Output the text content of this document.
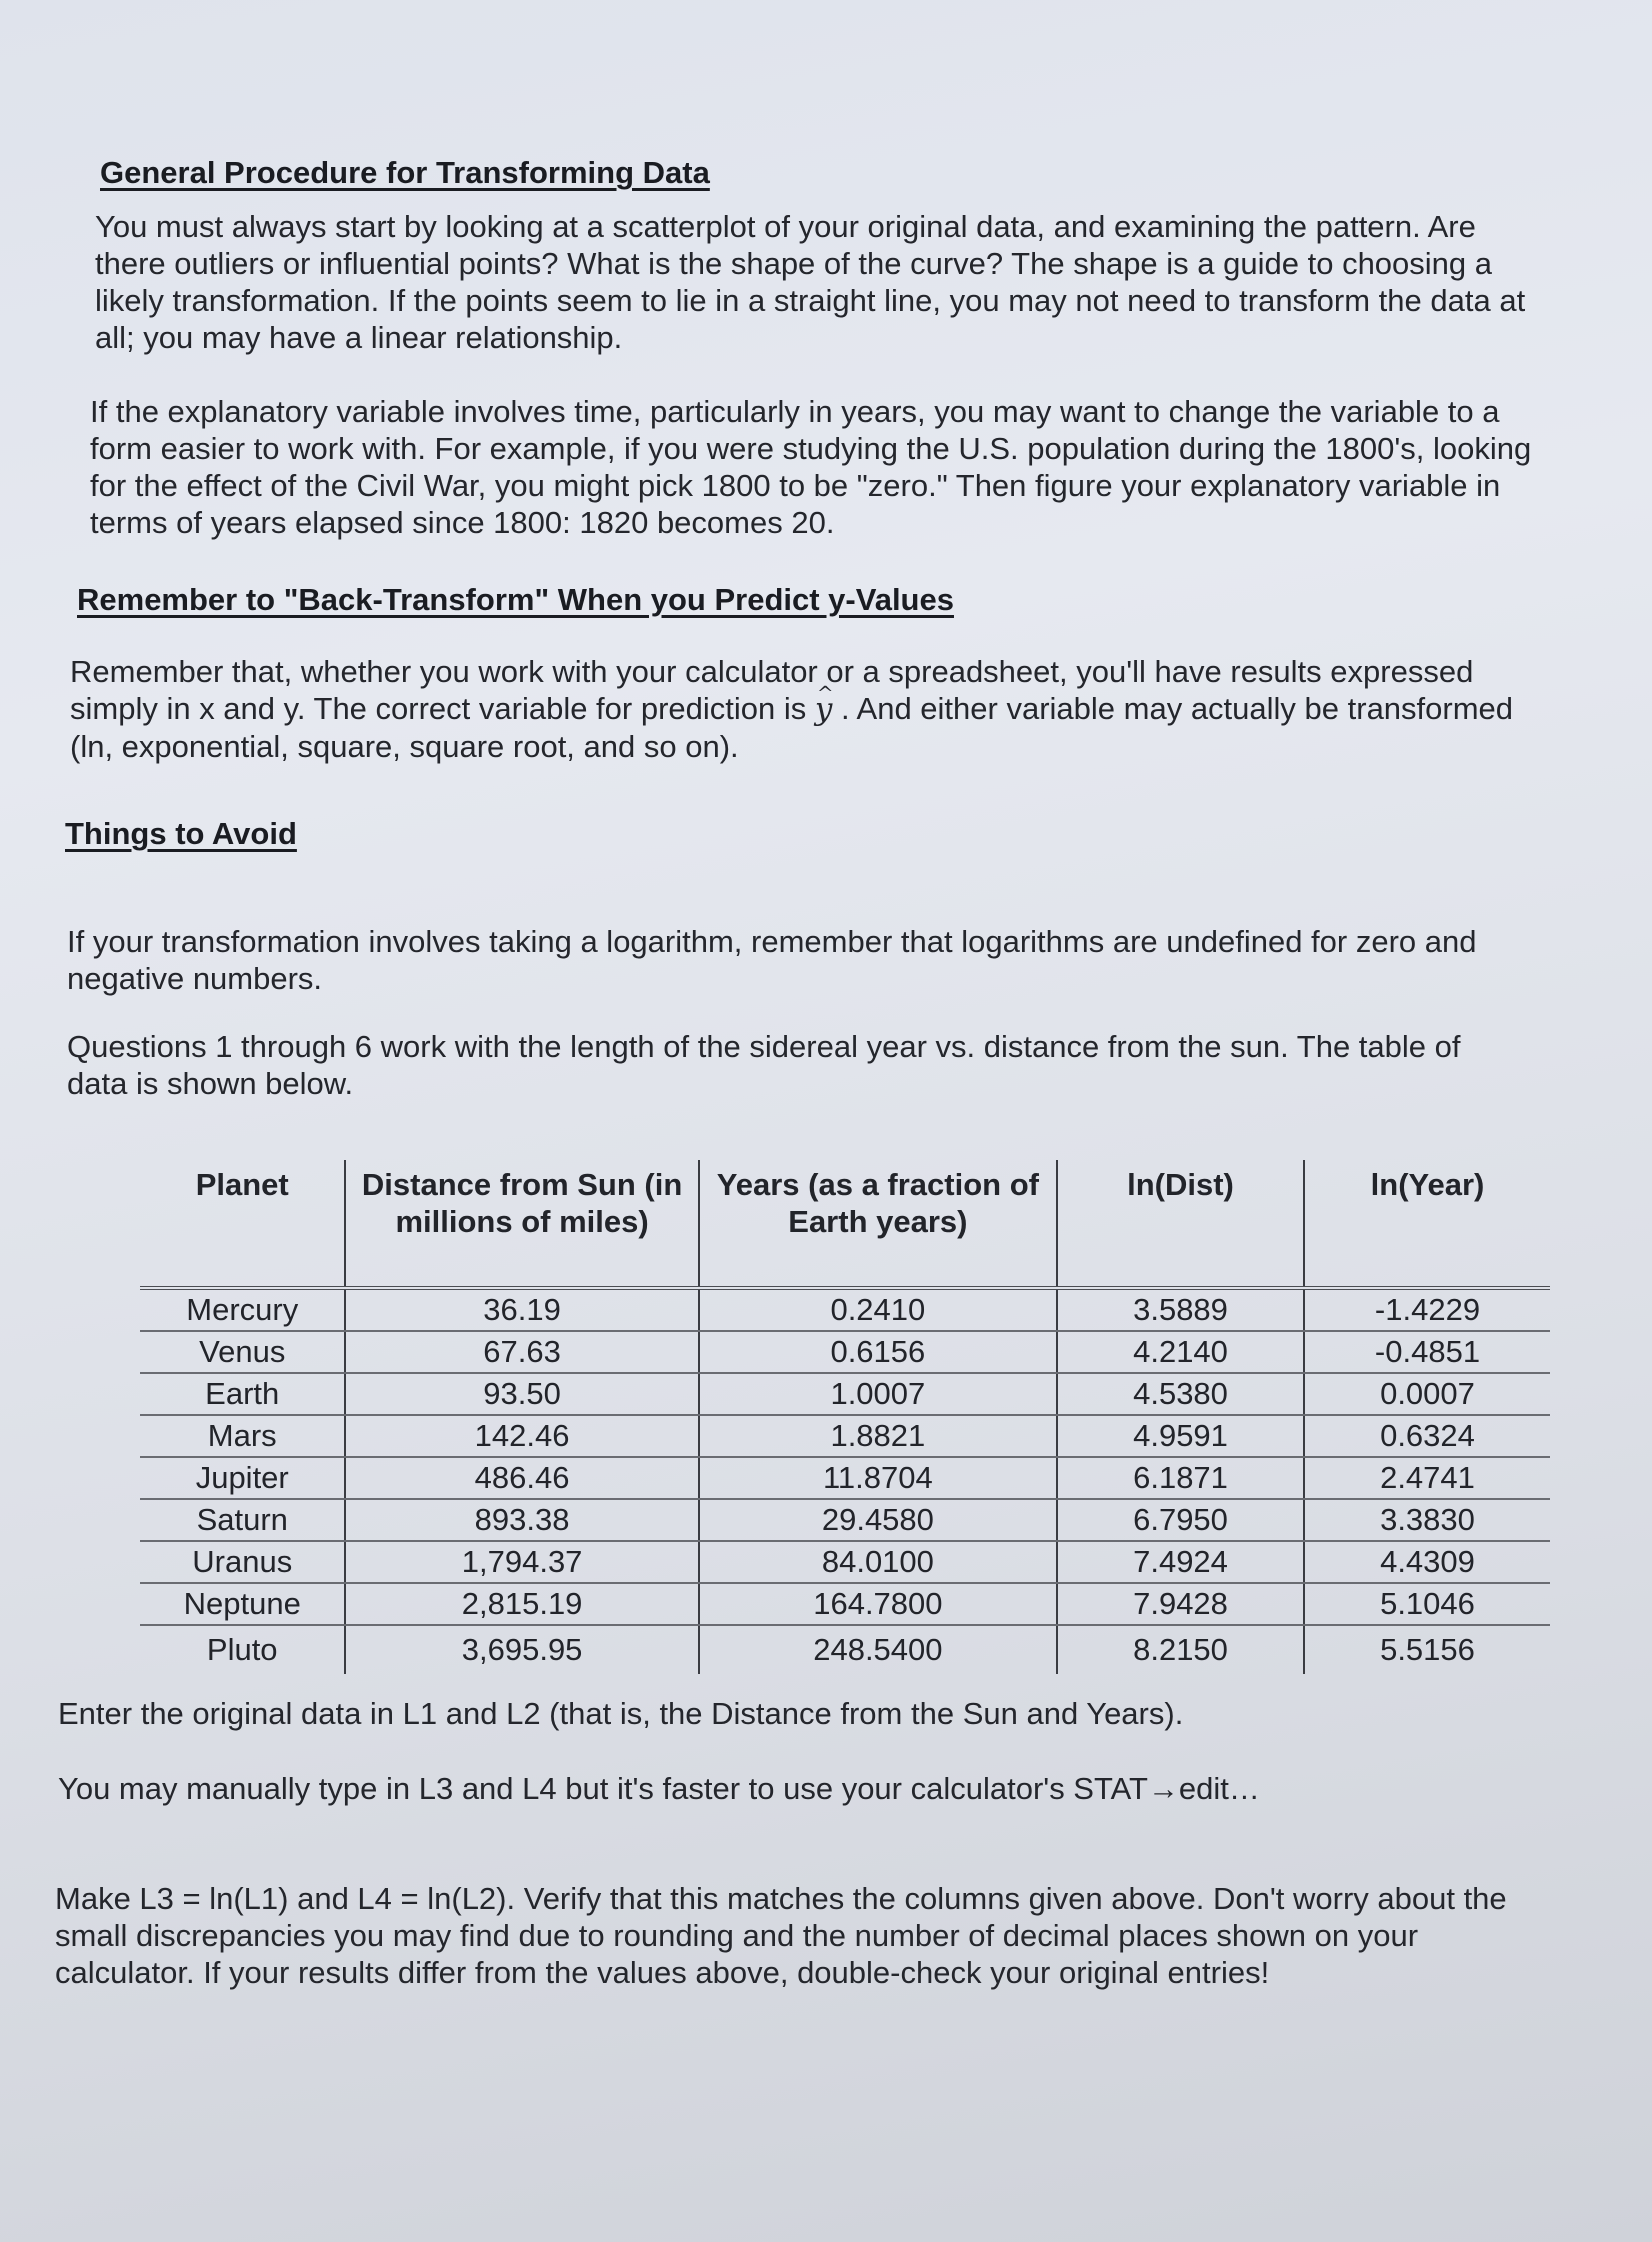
General Procedure for Transforming Data
You must always start by looking at a scatterplot of your original data, and examining the pattern. Are there outliers or influential points? What is the shape of the curve? The shape is a guide to choosing a likely transformation. If the points seem to lie in a straight line, you may not need to transform the data at all; you may have a linear relationship.
If the explanatory variable involves time, particularly in years, you may want to change the variable to a form easier to work with. For example, if you were studying the U.S. population during the 1800's, looking for the effect of the Civil War, you might pick 1800 to be "zero." Then figure your explanatory variable in terms of years elapsed since 1800: 1820 becomes 20.
Remember to "Back-Transform" When you Predict y-Values
Remember that, whether you work with your calculator or a spreadsheet, you'll have results expressed simply in x and y. The correct variable for prediction is ^ y . And either variable may actually be transformed (ln, exponential, square, square root, and so on).
Things to Avoid
If your transformation involves taking a logarithm, remember that logarithms are undefined for zero and negative numbers.
Questions 1 through 6 work with the length of the sidereal year vs. distance from the sun. The table of data is shown below.
Planet	Distance from Sun (in millions of miles)	Years (as a fraction of Earth years)	ln(Dist)	ln(Year)
Mercury	36.19	0.2410	3.5889	-1.4229
Venus	67.63	0.6156	4.2140	-0.4851
Earth	93.50	1.0007	4.5380	0.0007
Mars	142.46	1.8821	4.9591	0.6324
Jupiter	486.46	11.8704	6.1871	2.4741
Saturn	893.38	29.4580	6.7950	3.3830
Uranus	1,794.37	84.0100	7.4924	4.4309
Neptune	2,815.19	164.7800	7.9428	5.1046
Pluto	3,695.95	248.5400	8.2150	5.5156
Enter the original data in L1 and L2 (that is, the Distance from the Sun and Years).
You may manually type in L3 and L4 but it's faster to use your calculator's STAT→edit…
Make L3 = ln(L1) and L4 = ln(L2). Verify that this matches the columns given above. Don't worry about the small discrepancies you may find due to rounding and the number of decimal places shown on your calculator. If your results differ from the values above, double-check your original entries!
